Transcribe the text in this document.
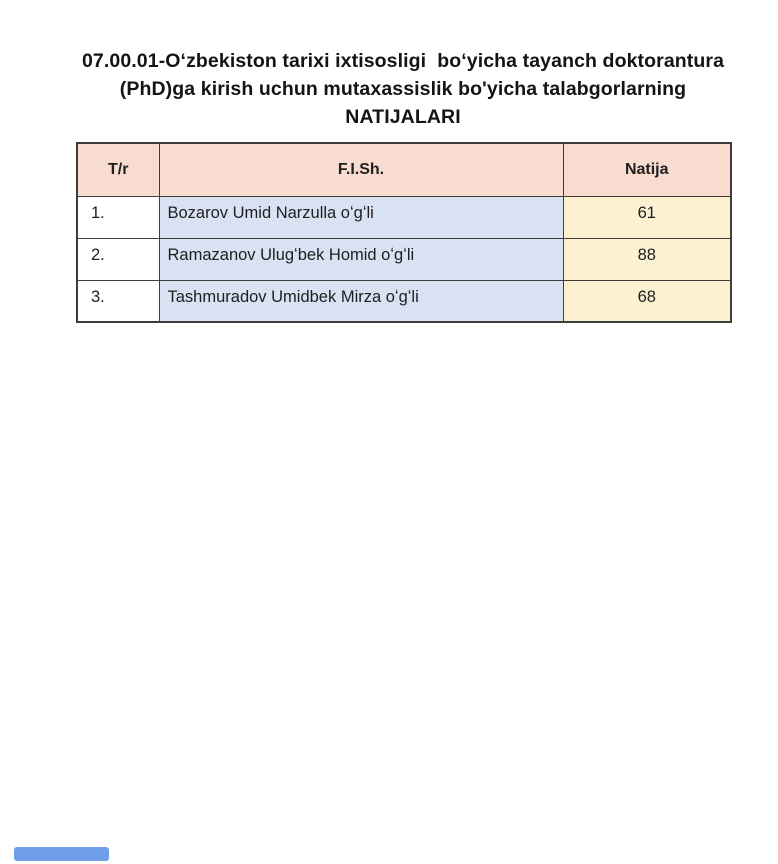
07.00.01-Oʻzbekiston tarixi ixtisosligi  boʻyicha tayanch doktorantura
(PhD)ga kirish uchun mutaxassislik bo'yicha talabgorlarning
NATIJALARI
T/r	F.I.Sh.	Natija
1.	Bozarov Umid Narzulla oʻgʻli	61
2.	Ramazanov Ulugʻbek Homid oʻgʻli	88
3.	Tashmuradov Umidbek Mirza oʻgʻli	68
